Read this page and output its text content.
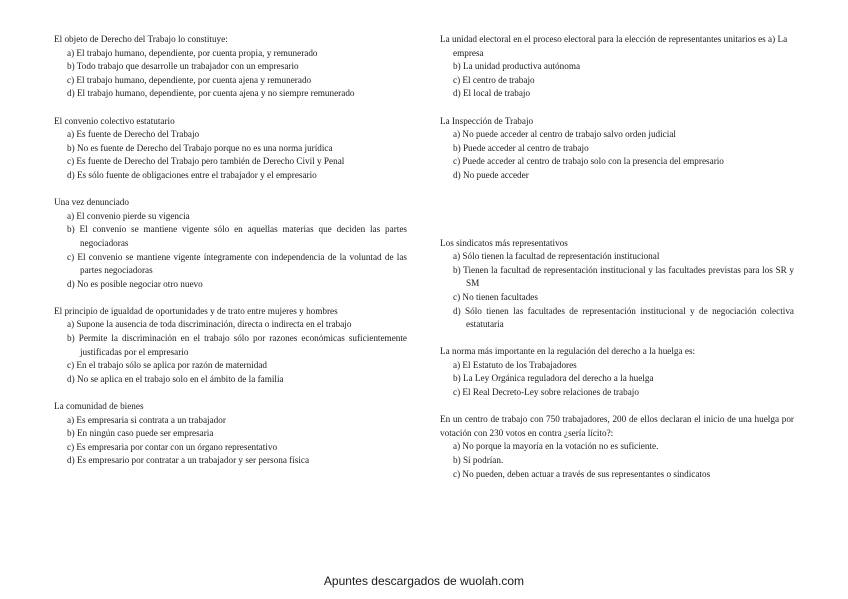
El objeto de Derecho del Trabajo lo constituye:

a) El trabajo humano, dependiente, por cuenta propia, y remunerado

b) Todo trabajo que desarrolle un trabajador con un empresario

c) El trabajo humano, dependiente, por cuenta ajena y remunerado

d) El trabajo humano, dependiente, por cuenta ajena y no siempre remunerado

El convenio colectivo estatutario

a) Es fuente de Derecho del Trabajo

b) No es fuente de Derecho del Trabajo porque no es una norma jurídica

c) Es fuente de Derecho del Trabajo pero también de Derecho Civil y Penal

d) Es sólo fuente de obligaciones entre el trabajador y el empresario

Una vez denunciado

a) El convenio pierde su vigencia

b) El convenio se mantiene vigente sólo en aquellas materias que deciden las partes negociadoras

c) El convenio se mantiene vigente íntegramente con independencia de la voluntad de las partes negociadoras

d) No es posible negociar otro nuevo

El principio de igualdad de oportunidades y de trato entre mujeres y hombres

a) Supone la ausencia de toda discriminación, directa o indirecta en el trabajo

b) Permite la discriminación en el trabajo sólo por razones económicas suficientemente justificadas por el empresario

c) En el trabajo sólo se aplica por razón de maternidad

d) No se aplica en el trabajo solo en el ámbito de la familia

La comunidad de bienes

a) Es empresaria si contrata a un trabajador

b) En ningún caso puede ser empresaria

c) Es empresaria por contar con un órgano representativo

d) Es empresario por contratar a un trabajador y ser persona física

La unidad electoral en el proceso electoral para la elección de representantes unitarios es a) La empresa

b) La unidad productiva autónoma

c) El centro de trabajo

d) El local de trabajo

La Inspección de Trabajo

a) No puede acceder al centro de trabajo salvo orden judicial

b) Puede acceder al centro de trabajo

c) Puede acceder al centro de trabajo solo con la presencia del empresario

d) No puede acceder

Los sindicatos más representativos

a) Sólo tienen la facultad de representación institucional

b) Tienen la facultad de representación institucional y las facultades previstas para los SR y SM

c) No tienen facultades

d) Sólo tienen las facultades de representación institucional y de negociación colectiva estatutaria

La norma más importante en la regulación del derecho a la huelga es:

a) El Estatuto de los Trabajadores

b) La Ley Orgánica reguladora del derecho a la huelga

c) El Real Decreto-Ley sobre relaciones de trabajo

En un centro de trabajo con 750 trabajadores, 200 de ellos declaran el inicio de una huelga por votación con 230 votos en contra ¿sería lícito?:

a) No porque la mayoría en la votación no es suficiente.

b) Sí podrían.

c) No pueden, deben actuar a través de sus representantes o sindicatos

Apuntes descargados de wuolah.com
